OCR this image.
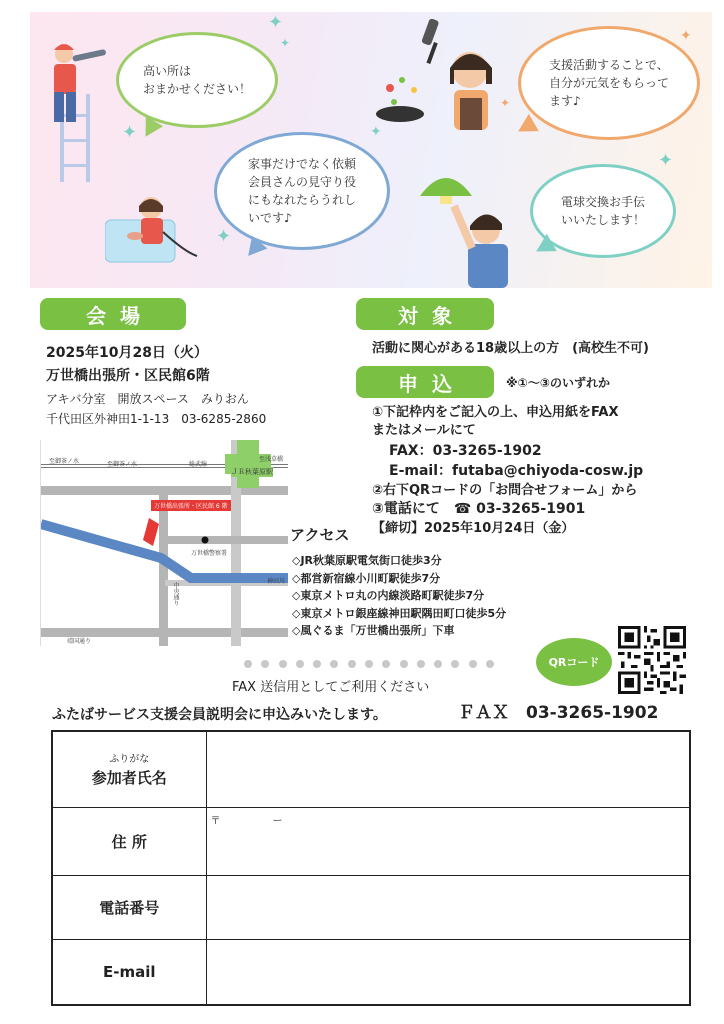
✦
✦
✦
✦
✦
✦
✦
✦
高い所は
おまかせください！
家事だけでなく依頼
会員さんの見守り役
にもなれたらうれし
いです♪
支援活動することで、
自分が元気をもらって
ます♪
電球交換お手伝
いいたします！
会場
2025年10月28日（火）
万世橋出張所・区民館6階
アキバ分室　開放スペース　みりおん
千代田区外神田1-1-13　03-6285-2860
対象
活動に関心がある18歳以上の方　(高校生不可)
申込	※①～③のいずれか
①下記枠内をご記入の上、申込用紙をFAX
またはメールにて
FAX：03-3265-1902
E-mail：futaba@chiyoda-cosw.jp
②右下QRコードの「お問合せフォーム」から
③電話にて　☎ 03-3265-1901
【締切】2025年10月24日（金）
ＪＲ秋葉原駅
至御茶ノ水	至御茶ノ水	総武線
至浅草橋
万世橋出張所・区民館 6 階
万世橋警察署
神田川
中央通り
靖国通り
アクセス
◇JR秋葉原駅電気街口徒歩3分
◇都営新宿線小川町駅徒歩7分
◇東京メトロ丸の内線淡路町駅徒歩7分
◇東京メトロ銀座線神田駅隅田町口徒歩5分
◇風ぐるま「万世橋出張所」下車
QRコード
FAX 送信用としてご利用ください
ふたばサービス支援会員説明会に申込みいたします。	ＦＡＸ　03-3265-1902
ふりがな
参加者氏名	
住 所	〒 ー

電話番号	
E-mail	
